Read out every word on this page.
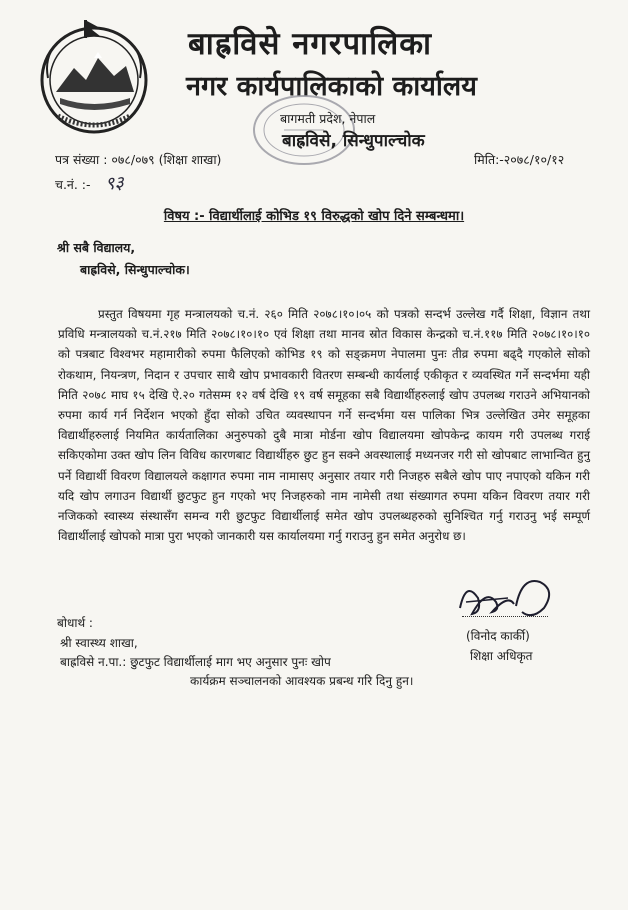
बाह्रविसे नगरपालिका
नगर कार्यपालिकाको कार्यालय
बागमती प्रदेश, नेपाल
बाह्रविसे, सिन्धुपाल्चोक
पत्र संख्या : ०७८/०७९ (शिक्षा शाखा)	मिति:-२०७८/१०/१२
च.नं. :- ९३
विषय :- विद्यार्थीलाई कोभिड १९ विरुद्धको खोप दिने सम्बन्धमा।
श्री सबै विद्यालय,
बाह्रविसे, सिन्धुपाल्चोक।

प्रस्तुत विषयमा गृह मन्त्रालयको च.नं. २६० मिति २०७८।१०।०५ को पत्रको सन्दर्भ उल्लेख गर्दै शिक्षा, विज्ञान तथा प्रविधि मन्त्रालयको च.नं.२१७ मिति २०७८।१०।१० एवं शिक्षा तथा मानव स्रोत विकास केन्द्रको च.नं.११७ मिति २०७८।१०।१० को पत्रबाट विश्वभर महामारीको रुपमा फैलिएको कोभिड १९ को सङ्क्रमण नेपालमा पुनः तीव्र रुपमा बढ्दै गएकोले सोको रोकथाम, नियन्त्रण, निदान र उपचार साथै खोप प्रभावकारी वितरण सम्बन्धी कार्यलाई एकीकृत र व्यवस्थित गर्ने सन्दर्भमा यही मिति २०७८ माघ १५ देखि ऐ.२० गतेसम्म १२ वर्ष देखि १९ वर्ष समूहका सबै विद्यार्थीहरुलाई खोप उपलब्ध गराउने अभियानको रुपमा कार्य गर्न निर्देशन भएको हुँदा सोको उचित व्यवस्थापन गर्ने सन्दर्भमा यस पालिका भित्र उल्लेखित उमेर समूहका विद्यार्थीहरुलाई नियमित कार्यतालिका अनुरुपको दुबै मात्रा मोर्डना खोप विद्यालयमा खोपकेन्द्र कायम गरी उपलब्ध गराई सकिएकोमा उक्त खोप लिन विविध कारणबाट विद्यार्थीहरु छुट हुन सक्ने अवस्थालाई मध्यनजर गरी सो खोपबाट लाभान्वित हुनु पर्ने विद्यार्थी विवरण विद्यालयले कक्षागत रुपमा नाम नामासए अनुसार तयार गरी निजहरु सबैले खोप पाए नपाएको यकिन गरी यदि खोप लगाउन विद्यार्थी छुटफुट हुन गएको भए निजहरुको नाम नामेसी तथा संख्यागत रुपमा यकिन विवरण तयार गरी नजिकको स्वास्थ्य संस्थासँग समन्व गरी छुटफुट विद्यार्थीलाई समेत खोप उपलब्धहरुको सुनिश्चित गर्नु गराउनु भई सम्पूर्ण विद्यार्थीलाई खोपको मात्रा पुरा भएको जानकारी यस कार्यालयमा गर्नु गराउनु हुन समेत अनुरोध छ।

(विनोद कार्की)
शिक्षा अधिकृत
बोधार्थ :
श्री स्वास्थ्य शाखा,
बाह्रविसे न.पा.: छुटफुट विद्यार्थीलाई माग भए अनुसार पुनः खोप
कार्यक्रम सञ्चालनको आवश्यक प्रबन्ध गरि दिनु हुन।
